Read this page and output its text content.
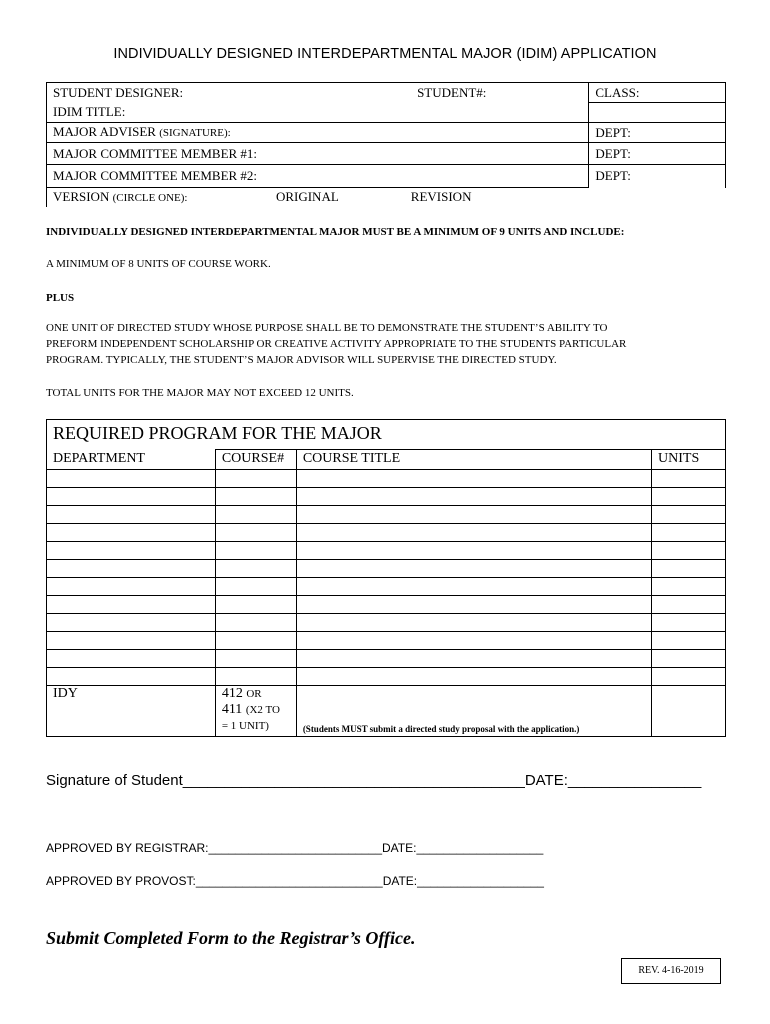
INDIVIDUALLY DESIGNED INTERDEPARTMENTAL MAJOR (IDIM) APPLICATION
STUDENT DESIGNER:	STUDENT#:	CLASS:
IDIM TITLE:		
MAJOR ADVISER (SIGNATURE):		DEPT:
MAJOR COMMITTEE MEMBER #1:		DEPT:
MAJOR COMMITTEE MEMBER #2:		DEPT:
VERSION (CIRCLE ONE): ORIGINAL REVISION		
INDIVIDUALLY DESIGNED INTERDEPARTMENTAL MAJOR MUST BE A MINIMUM OF 9 UNITS AND INCLUDE:
A MINIMUM OF 8 UNITS OF COURSE WORK.
PLUS
ONE UNIT OF DIRECTED STUDY WHOSE PURPOSE SHALL BE TO DEMONSTRATE THE STUDENT’S ABILITY TO
PREFORM INDEPENDENT SCHOLARSHIP OR CREATIVE ACTIVITY APPROPRIATE TO THE STUDENTS PARTICULAR
PROGRAM. TYPICALLY, THE STUDENT’S MAJOR ADVISOR WILL SUPERVISE THE DIRECTED STUDY.
TOTAL UNITS FOR THE MAJOR MAY NOT EXCEED 12 UNITS.
REQUIRED PROGRAM FOR THE MAJOR			
DEPARTMENT	COURSE#	COURSE TITLE	UNITS

IDY	412 OR
411 (X2 TO
= 1 UNIT)	(Students MUST submit a directed study proposal with the application.)	
Signature of Student_________________________________________DATE:________________
APPROVED BY REGISTRAR:__________________________DATE:___________________
APPROVED BY PROVOST:____________________________DATE:___________________
Submit Completed Form to the Registrar’s Office.
REV. 4-16-2019
